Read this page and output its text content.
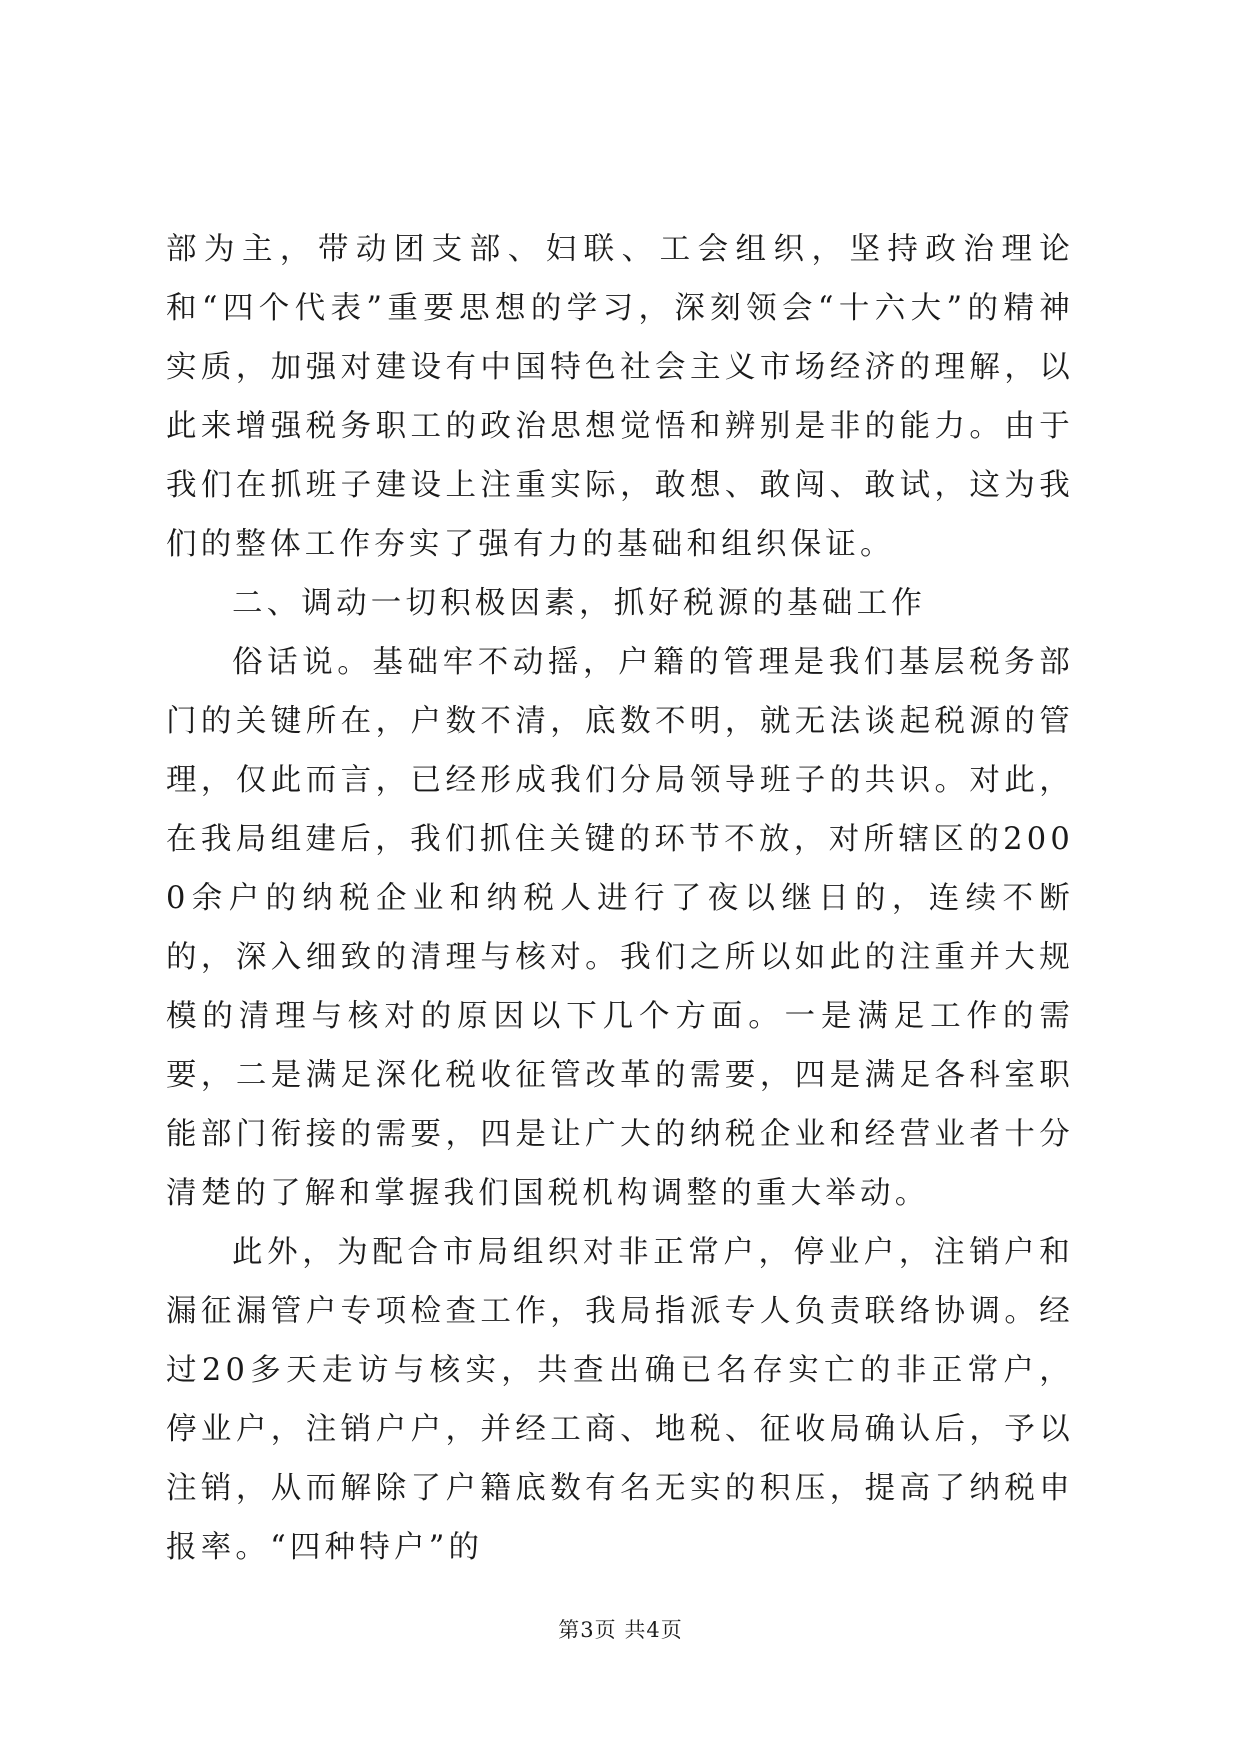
部为主，带动团支部、妇联、工会组织，坚持政治理论和“四个代表”重要思想的学习，深刻领会“十六大”的精神实质，加强对建设有中国特色社会主义市场经济的理解，以此来增强税务职工的政治思想觉悟和辨别是非的能力。由于我们在抓班子建设上注重实际，敢想、敢闯、敢试，这为我们的整体工作夯实了强有力的基础和组织保证。

二、调动一切积极因素，抓好税源的基础工作

俗话说。基础牢不动摇，户籍的管理是我们基层税务部门的关键所在，户数不清，底数不明，就无法谈起税源的管理，仅此而言，已经形成我们分局领导班子的共识。对此，在我局组建后，我们抓住关键的环节不放，对所辖区的2000余户的纳税企业和纳税人进行了夜以继日的，连续不断的，深入细致的清理与核对。我们之所以如此的注重并大规模的清理与核对的原因以下几个方面。一是满足工作的需要，二是满足深化税收征管改革的需要，四是满足各科室职能部门衔接的需要，四是让广大的纳税企业和经营业者十分清楚的了解和掌握我们国税机构调整的重大举动。

此外，为配合市局组织对非正常户，停业户，注销户和漏征漏管户专项检查工作，我局指派专人负责联络协调。经过20多天走访与核实，共查出确已名存实亡的非正常户，停业户，注销户户，并经工商、地税、征收局确认后，予以注销，从而解除了户籍底数有名无实的积压，提高了纳税申报率。“四种特户”的

第3页 共4页
